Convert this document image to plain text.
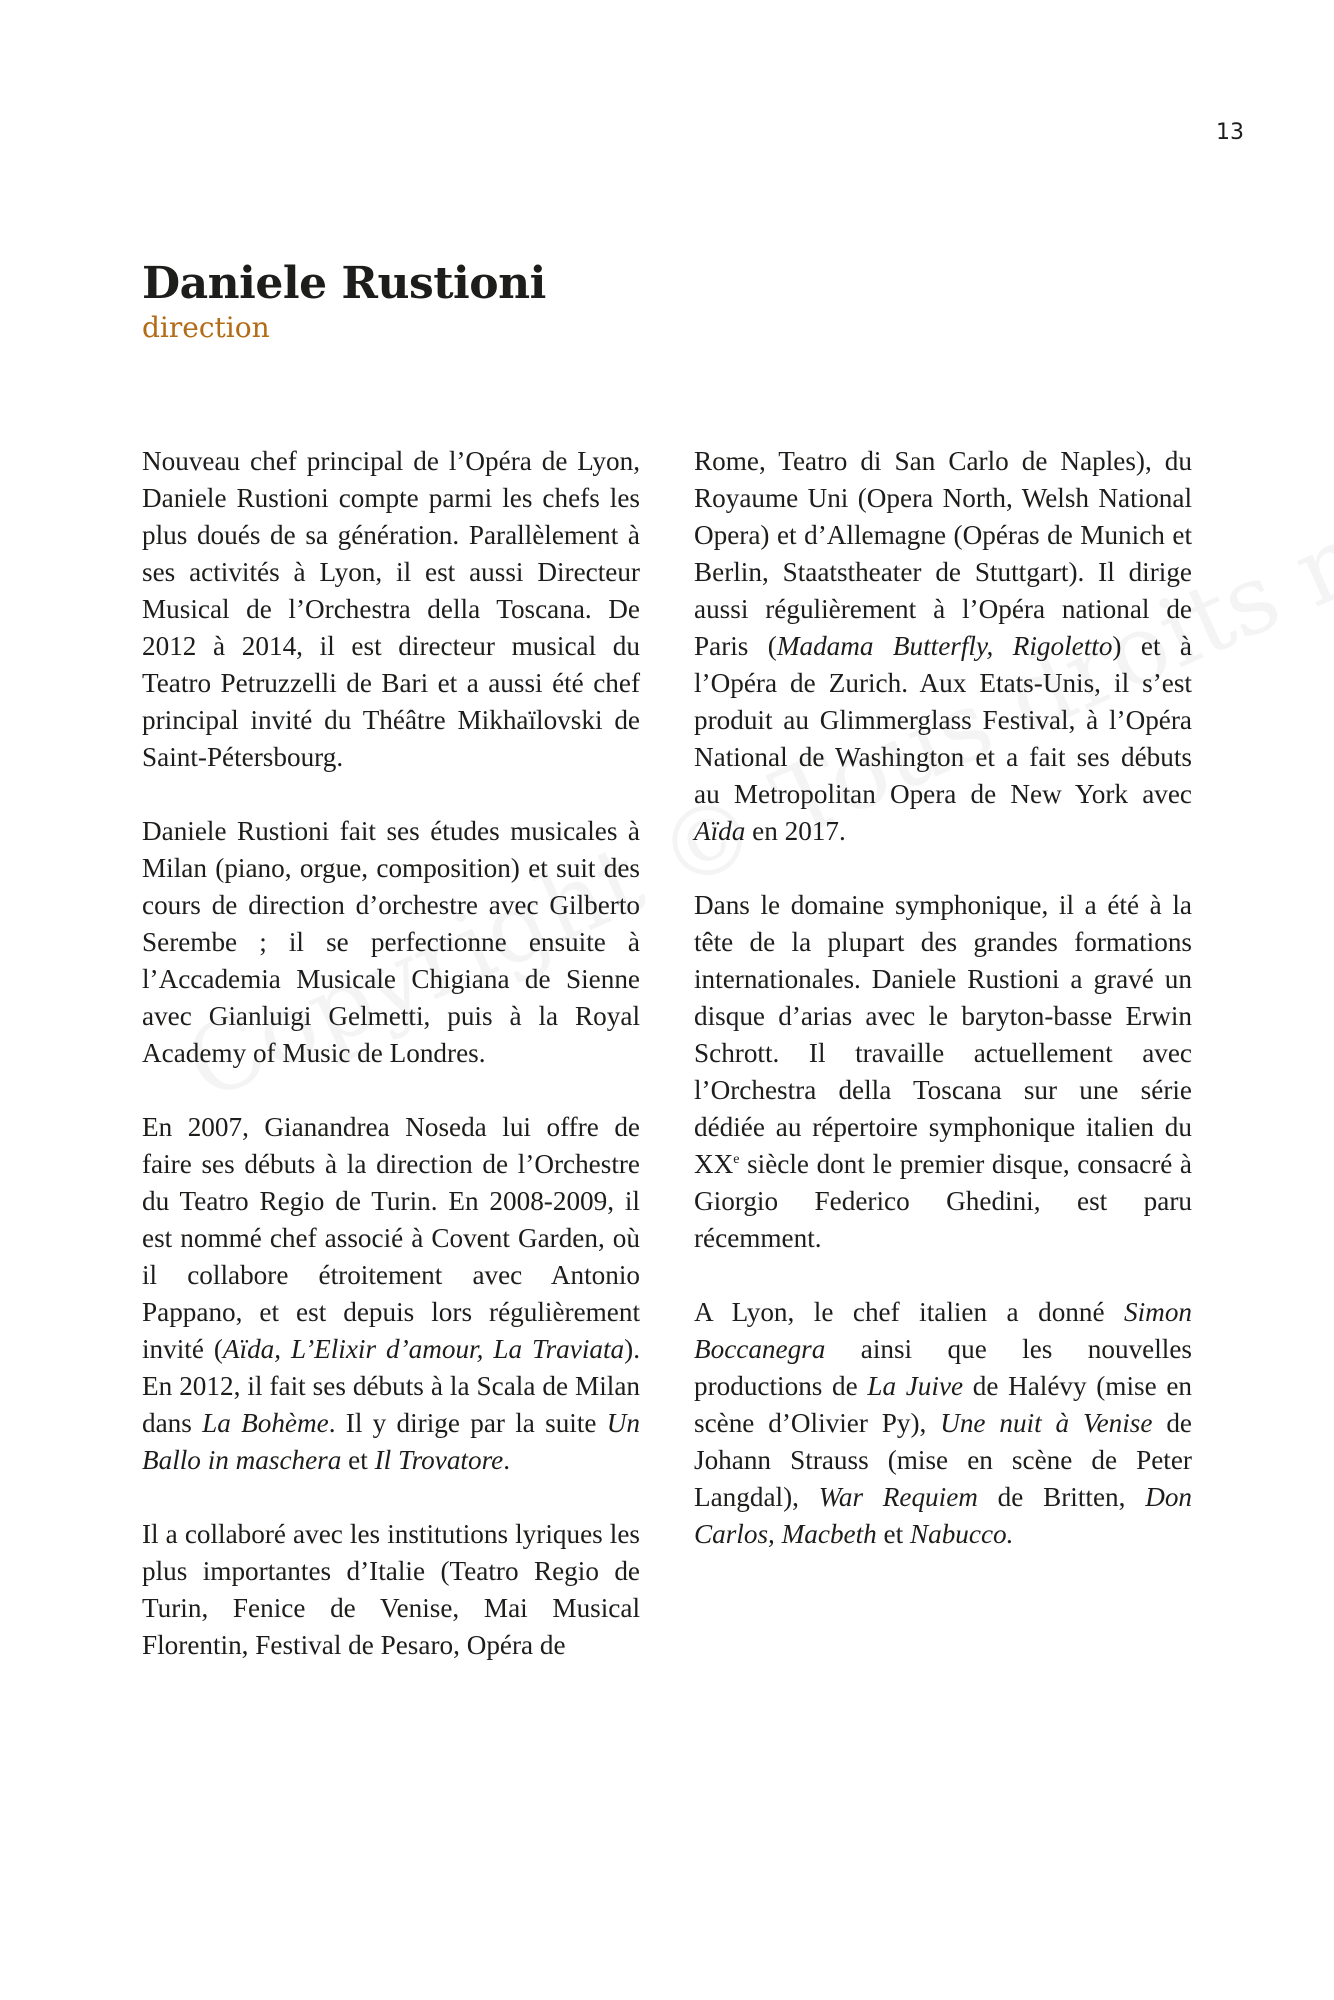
13
Daniele Rustioni

direction

Nouveau chef principal de l’Opéra de Lyon, Daniele Rustioni compte parmi les chefs les plus doués de sa génération. Parallèlement à ses activités à Lyon, il est aussi Directeur Musical de l’Orchestra della Toscana. De 2012 à 2014, il est directeur musical du Teatro Petruzzelli de Bari et a aussi été chef principal invité du Théâtre Mikhaïlovski de Saint-Pétersbourg.

Daniele Rustioni fait ses études musicales à Milan (piano, orgue, composition) et suit des cours de direction d’orchestre avec Gilberto Serembe ; il se perfectionne ensuite à l’Accademia Musicale Chigiana de Sienne avec Gianluigi Gelmetti, puis à la Royal Academy of Music de Londres.

En 2007, Gianandrea Noseda lui offre de faire ses débuts à la direction de l’Orchestre du Teatro Regio de Turin. En 2008-2009, il est nommé chef associé à Covent Garden, où il collabore étroitement avec Antonio Pappano, et est depuis lors régulièrement invité (Aïda, L’Elixir d’amour, La Traviata). En 2012, il fait ses débuts à la Scala de Milan dans La Bohème. Il y dirige par la suite Un Ballo in maschera et Il Trovatore.

Il a collaboré avec les institutions lyriques les plus importantes d’Italie (Teatro Regio de Turin, Fenice de Venise, Mai Musical Florentin, Festival de Pesaro, Opéra de

Rome, Teatro di San Carlo de Naples), du Royaume Uni (Opera North, Welsh National Opera) et d’Allemagne (Opéras de Munich et Berlin, Staatstheater de Stuttgart). Il dirige aussi régulièrement à l’Opéra national de Paris (Madama Butterfly, Rigoletto) et à l’Opéra de Zurich. Aux Etats-Unis, il s’est produit au Glimmerglass Festival, à l’Opéra National de Washington et a fait ses débuts au Metropolitan Opera de New York avec Aïda en 2017.

Dans le domaine symphonique, il a été à la tête de la plupart des grandes formations internationales. Daniele Rustioni a gravé un disque d’arias avec le baryton-basse Erwin Schrott. Il travaille actuellement avec l’Orchestra della Toscana sur une série dédiée au répertoire symphonique italien du XXe siècle dont le premier disque, consacré à Giorgio Federico Ghedini, est paru récemment.

A Lyon, le chef italien a donné Simon Boccanegra ainsi que les nouvelles productions de La Juive de Halévy (mise en scène d’Olivier Py), Une nuit à Venise de Johann Strauss (mise en scène de Peter Langdal), War Requiem de Britten, Don Carlos, Macbeth et Nabucco.
